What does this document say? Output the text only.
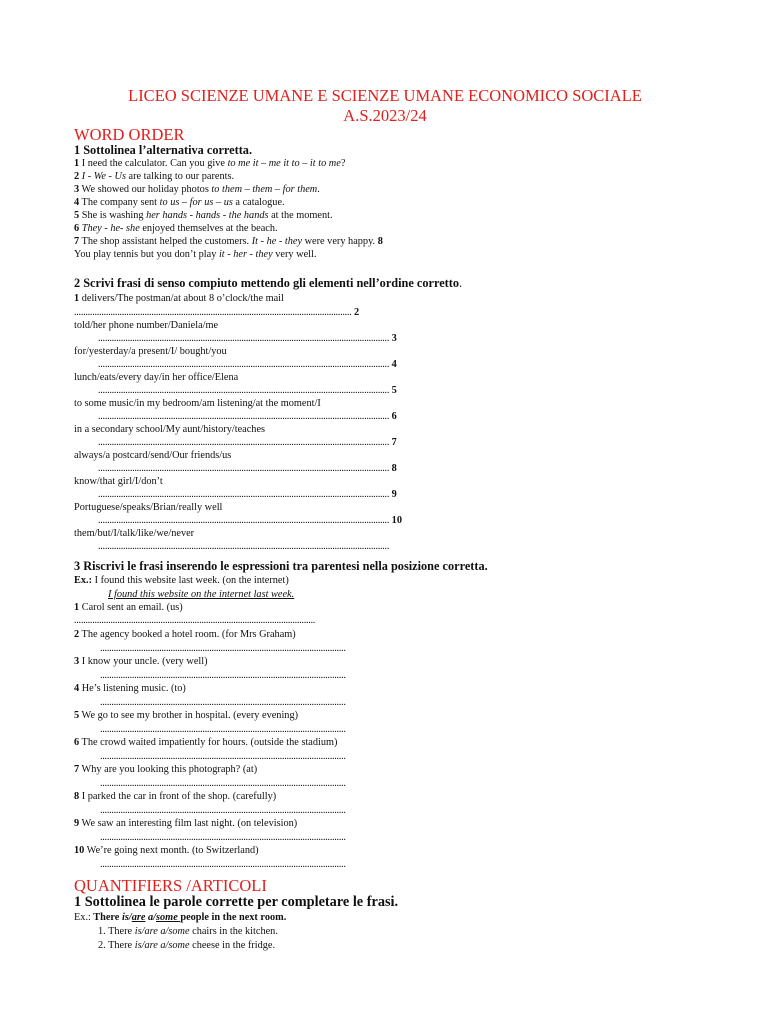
LICEO SCIENZE UMANE E SCIENZE UMANE ECONOMICO SOCIALE
A.S.2023/24
WORD ORDER
1 Sottolinea l’alternativa corretta.
1 I need the calculator. Can you give to me it – me it to – it to me?
2 I - We - Us are talking to our parents.
3 We showed our holiday photos to them – them – for them.
4 The company sent to us – for us – us a catalogue.
5 She is washing her hands - hands - the hands at the moment.
6 They - he- she enjoyed themselves at the beach.
7 The shop assistant helped the customers. It - he - they were very happy. 8
You play tennis but you don’t play it - her - they very well.
2 Scrivi frasi di senso compiuto mettendo gli elementi nell’ordine corretto.
1 delivers/The postman/at about 8 o’clock/the mail
.......................................................................................................................... 2
told/her phone number/Daniela/me
................................................................................................................................ 3
for/yesterday/a present/I/ bought/you
................................................................................................................................ 4
lunch/eats/every day/in her office/Elena
................................................................................................................................ 5
to some music/in my bedroom/am listening/at the moment/I
................................................................................................................................ 6
in a secondary school/My aunt/history/teaches
................................................................................................................................ 7
always/a postcard/send/Our friends/us
................................................................................................................................ 8
know/that girl/I/don’t
................................................................................................................................ 9
Portuguese/speaks/Brian/really well
................................................................................................................................ 10
them/but/I/talk/like/we/never
................................................................................................................................
3 Riscrivi le frasi inserendo le espressioni tra parentesi nella posizione corretta.
Ex.: I found this website last week. (on the internet)
I found this website on the internet last week.
1 Carol sent an email. (us)
..........................................................................................................
2 The agency booked a hotel room. (for Mrs Graham)
............................................................................................................
3 I know your uncle. (very well)
............................................................................................................
4 He’s listening music. (to)
............................................................................................................
5 We go to see my brother in hospital. (every evening)
............................................................................................................
6 The crowd waited impatiently for hours. (outside the stadium)
............................................................................................................
7 Why are you looking this photograph? (at)
............................................................................................................
8 I parked the car in front of the shop. (carefully)
............................................................................................................
9 We saw an interesting film last night. (on television)
............................................................................................................
10 We’re going next month. (to Switzerland)
............................................................................................................
QUANTIFIERS /ARTICOLI
1 Sottolinea le parole corrette per completare le frasi.
Ex.: There is/are a/some people in the next room.
1. There is/are a/some chairs in the kitchen.
2. There is/are a/some cheese in the fridge.
